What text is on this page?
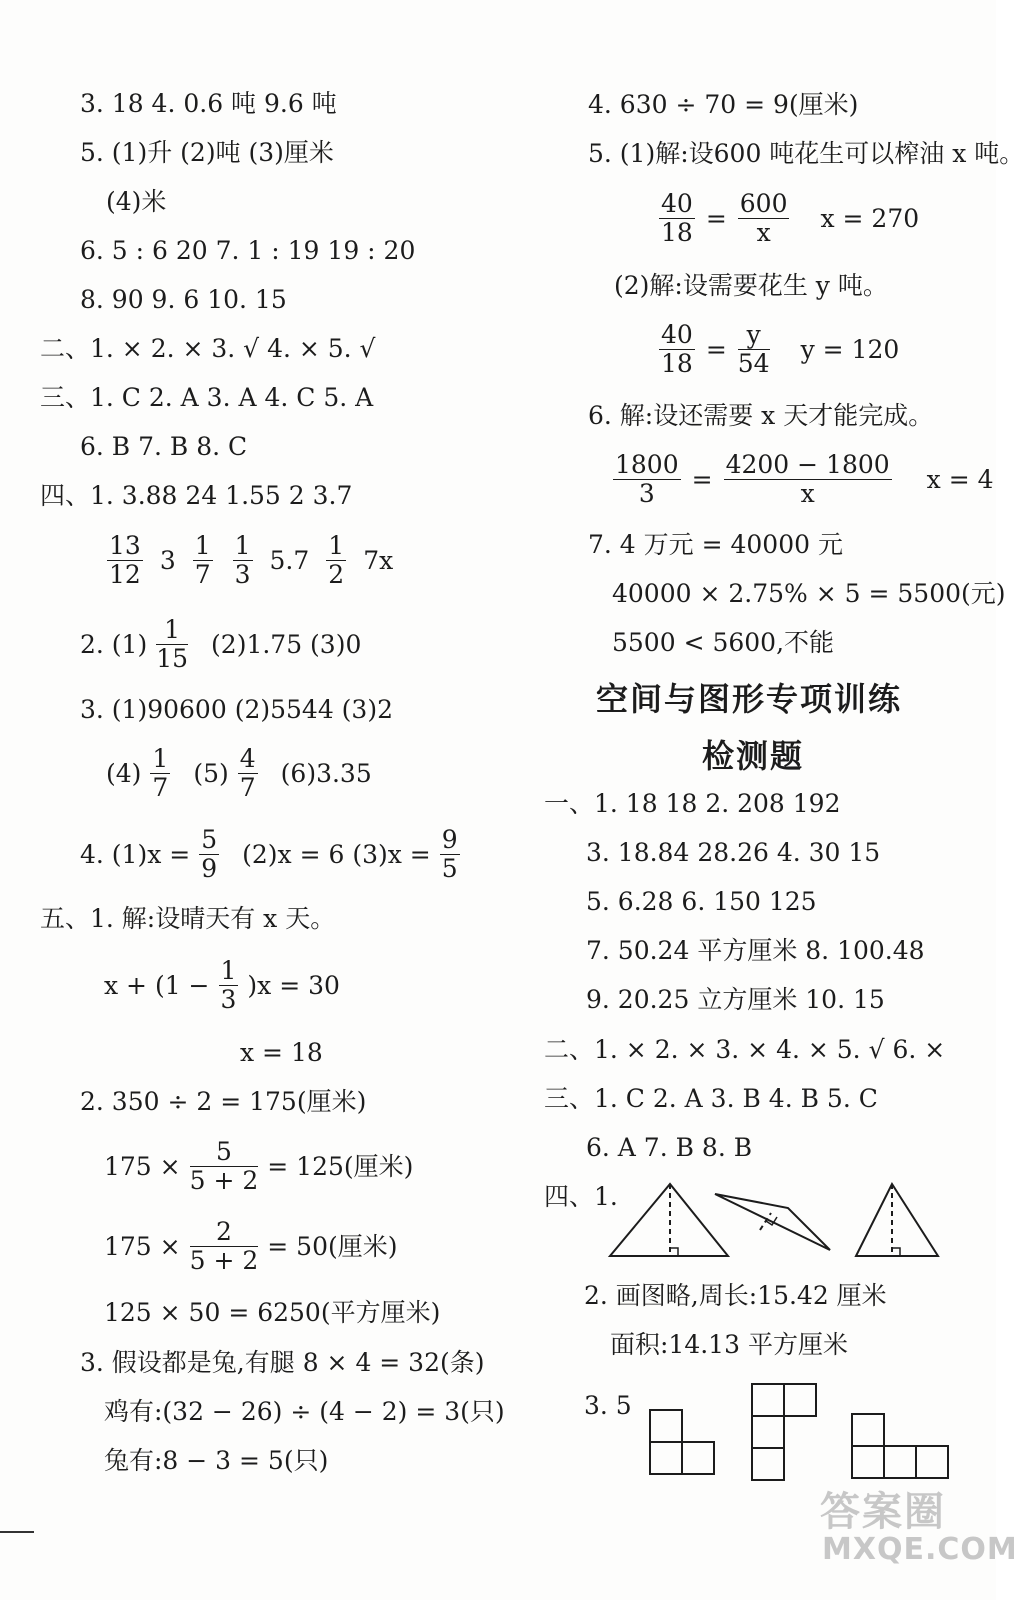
3. 18 4. 0.6 吨 9.6 吨
5. (1)升 (2)吨 (3)厘米
(4)米
6. 5 : 6 20 7. 1 : 19 19 : 20
8. 90 9. 6 10. 15
二、1. × 2. × 3. √ 4. × 5. √
三、1. C 2. A 3. A 4. C 5. A
6. B 7. B 8. C
四、1. 3.88 24 1.55 2 3.7
$\frac{13}{12} 3 \frac{1}{7} \frac{1}{3} 5.7 \frac{1}{2} 7x$
2. $(1) \frac{1}{15} (2)1.75$ (3)0
3. (1)90600 (2)5544 (3)2
$(4) \frac{1}{7} (5) \frac{4}{7} (6)3.35$
4. $(1)x = \frac{5}{9} (2)x = 6$ $(3)x = \frac{9}{5}$
五、1. 解:设晴天有 x 天。
$x + (1 - \frac{1}{3} )x = 30$
x = 18
2. 350 ÷ 2 = 175(厘米)
$175 \times \frac{5}{5 + 2} = 125$(厘米)
$175 \times \frac{2}{5 + 2} = 50$(厘米)
125 × 50 = 6250(平方厘米)
3. 假设都是兔,有腿 8 × 4 = 32(条)
鸡有:(32 − 26) ÷ (4 − 2) = 3(只)
兔有:8 − 3 = 5(只)
4. 630 ÷ 70 = 9(厘米)
5. (1)解:设600 吨花生可以榨油 x 吨。
$\frac{40}{18} = \frac{600}{x}$ x = 270
(2)解:设需要花生 y 吨。
$\frac{40}{18} = \frac{y}{54}$ y = 120
6. 解:设还需要 x 天才能完成。
$\frac{1800}{3} = \frac{4200 - 1800}{x}$ x = 4
7. 4 万元 = 40000 元
40000 × 2.75% × 5 = 5500(元)
5500 < 5600,不能
空间与图形专项训练
检测题
一、1. 18 18 2. 208 192
3. 18.84 28.26 4. 30 15
5. 6.28 6. 150 125
7. 50.24 平方厘米 8. 100.48
9. 20.25 立方厘米 10. 15
二、1. × 2. × 3. × 4. × 5. √ 6. ×
三、1. C 2. A 3. B 4. B 5. C
6. A 7. B 8. B
四、1.
2. 画图略,周长:15.42 厘米
面积:14.13 平方厘米
3. 5
答案圈
MXQE.COM
